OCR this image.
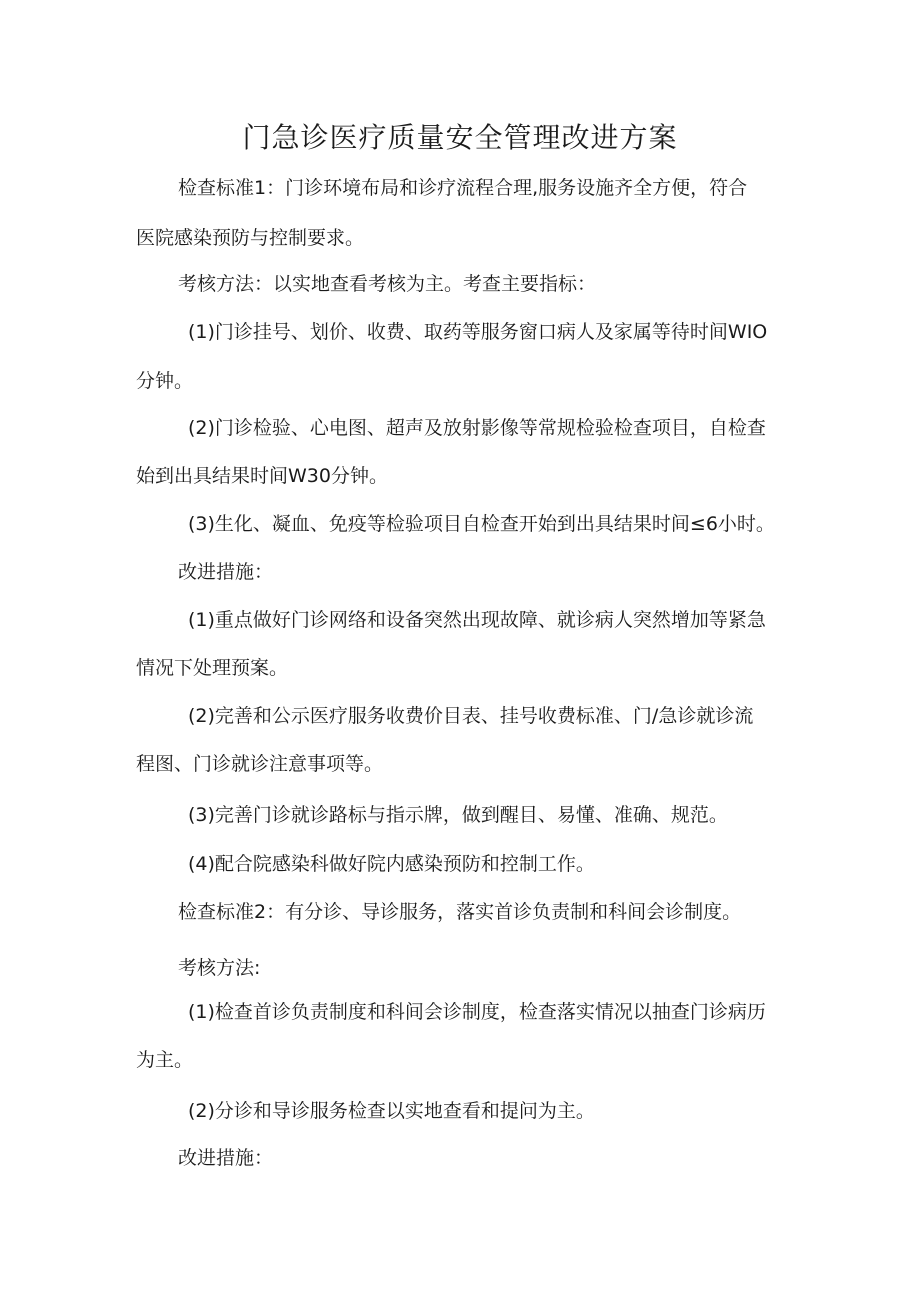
门急诊医疗质量安全管理改进方案

检查标准1：门诊环境布局和诊疗流程合理,服务设施齐全方便，符合

医院感染预防与控制要求。

考核方法：以实地查看考核为主。考查主要指标：

(1)门诊挂号、划价、收费、取药等服务窗口病人及家属等待时间WIO

分钟。

(2)门诊检验、心电图、超声及放射影像等常规检验检查项目，自检查

始到出具结果时间W30分钟。

(3)生化、凝血、免疫等检验项目自检查开始到出具结果时间≤6小时。

改进措施：

(1)重点做好门诊网络和设备突然出现故障、就诊病人突然增加等紧急

情况下处理预案。

(2)完善和公示医疗服务收费价目表、挂号收费标准、门/急诊就诊流

程图、门诊就诊注意事项等。

(3)完善门诊就诊路标与指示牌，做到醒目、易懂、准确、规范。

(4)配合院感染科做好院内感染预防和控制工作。

检查标准2：有分诊、导诊服务，落实首诊负责制和科间会诊制度。

考核方法:

(1)检查首诊负责制度和科间会诊制度，检查落实情况以抽查门诊病历

为主。

(2)分诊和导诊服务检查以实地查看和提问为主。

改进措施：
